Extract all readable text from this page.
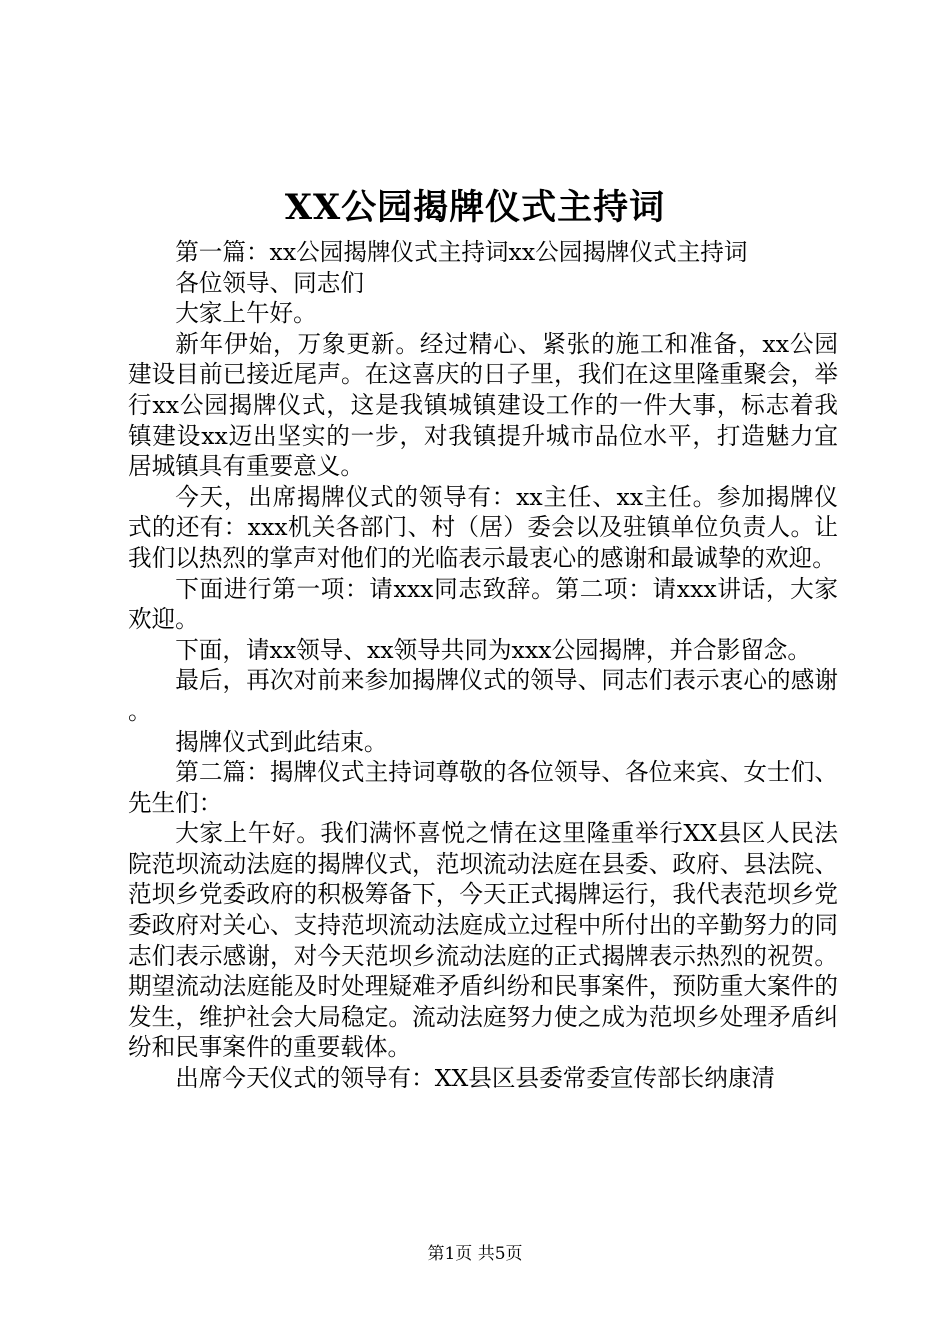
XX公园揭牌仪式主持词

第一篇：xx公园揭牌仪式主持词xx公园揭牌仪式主持词

各位领导、同志们

大家上午好。

新年伊始，万象更新。经过精心、紧张的施工和准备，xx公园建设目前已接近尾声。在这喜庆的日子里，我们在这里隆重聚会，举行xx公园揭牌仪式，这是我镇城镇建设工作的一件大事，标志着我镇建设xx迈出坚实的一步，对我镇提升城市品位水平，打造魅力宜居城镇具有重要意义。

今天，出席揭牌仪式的领导有：xx主任、xx主任。参加揭牌仪式的还有：xxx机关各部门、村（居）委会以及驻镇单位负责人。让我们以热烈的掌声对他们的光临表示最衷心的感谢和最诚挚的欢迎。

下面进行第一项：请xxx同志致辞。第二项：请xxx讲话，大家欢迎。

下面，请xx领导、xx领导共同为xxx公园揭牌，并合影留念。

最后，再次对前来参加揭牌仪式的领导、同志们表示衷心的感谢。

揭牌仪式到此结束。

第二篇：揭牌仪式主持词尊敬的各位领导、各位来宾、女士们、先生们：

大家上午好。我们满怀喜悦之情在这里隆重举行XX县区人民法院范坝流动法庭的揭牌仪式，范坝流动法庭在县委、政府、县法院、范坝乡党委政府的积极筹备下，今天正式揭牌运行，我代表范坝乡党委政府对关心、支持范坝流动法庭成立过程中所付出的辛勤努力的同志们表示感谢，对今天范坝乡流动法庭的正式揭牌表示热烈的祝贺。期望流动法庭能及时处理疑难矛盾纠纷和民事案件，预防重大案件的发生，维护社会大局稳定。流动法庭努力使之成为范坝乡处理矛盾纠纷和民事案件的重要载体。

出席今天仪式的领导有：XX县区县委常委宣传部长纳康清

第1页 共5页
